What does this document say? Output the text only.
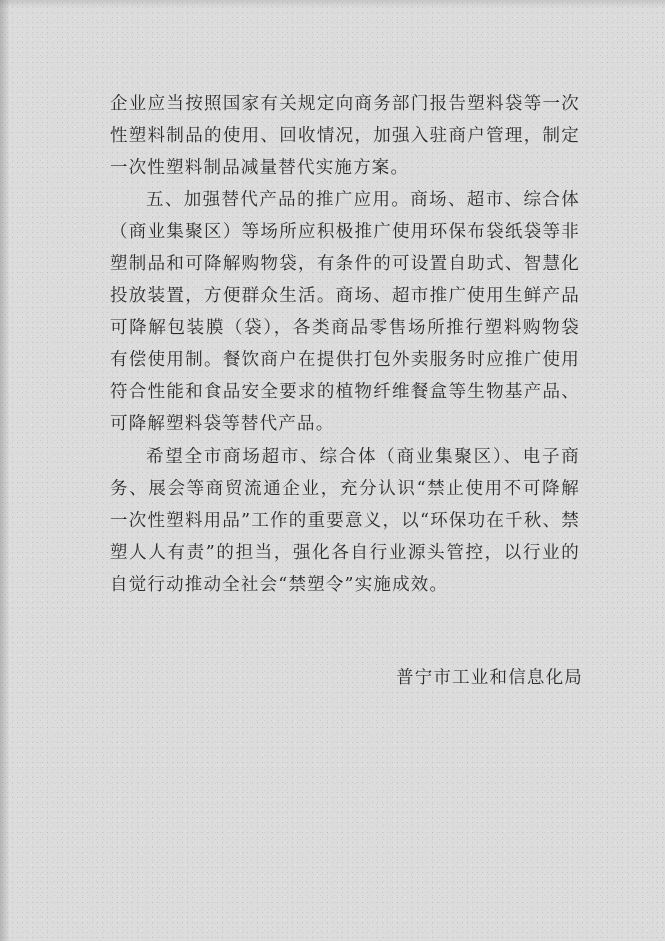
企业应当按照国家有关规定向商务部门报告塑料袋等一次性塑料制品的使用、回收情况，加强入驻商户管理，制定一次性塑料制品减量替代实施方案。

五、加强替代产品的推广应用。商场、超市、综合体（商业集聚区）等场所应积极推广使用环保布袋纸袋等非塑制品和可降解购物袋，有条件的可设置自助式、智慧化投放装置，方便群众生活。商场、超市推广使用生鲜产品可降解包装膜（袋），各类商品零售场所推行塑料购物袋有偿使用制。餐饮商户在提供打包外卖服务时应推广使用符合性能和食品安全要求的植物纤维餐盒等生物基产品、可降解塑料袋等替代产品。

希望全市商场超市、综合体（商业集聚区）、电子商务、展会等商贸流通企业，充分认识“禁止使用不可降解一次性塑料用品”工作的重要意义，以“环保功在千秋、禁塑人人有责”的担当，强化各自行业源头管控，以行业的自觉行动推动全社会“禁塑令”实施成效。

普宁市工业和信息化局
